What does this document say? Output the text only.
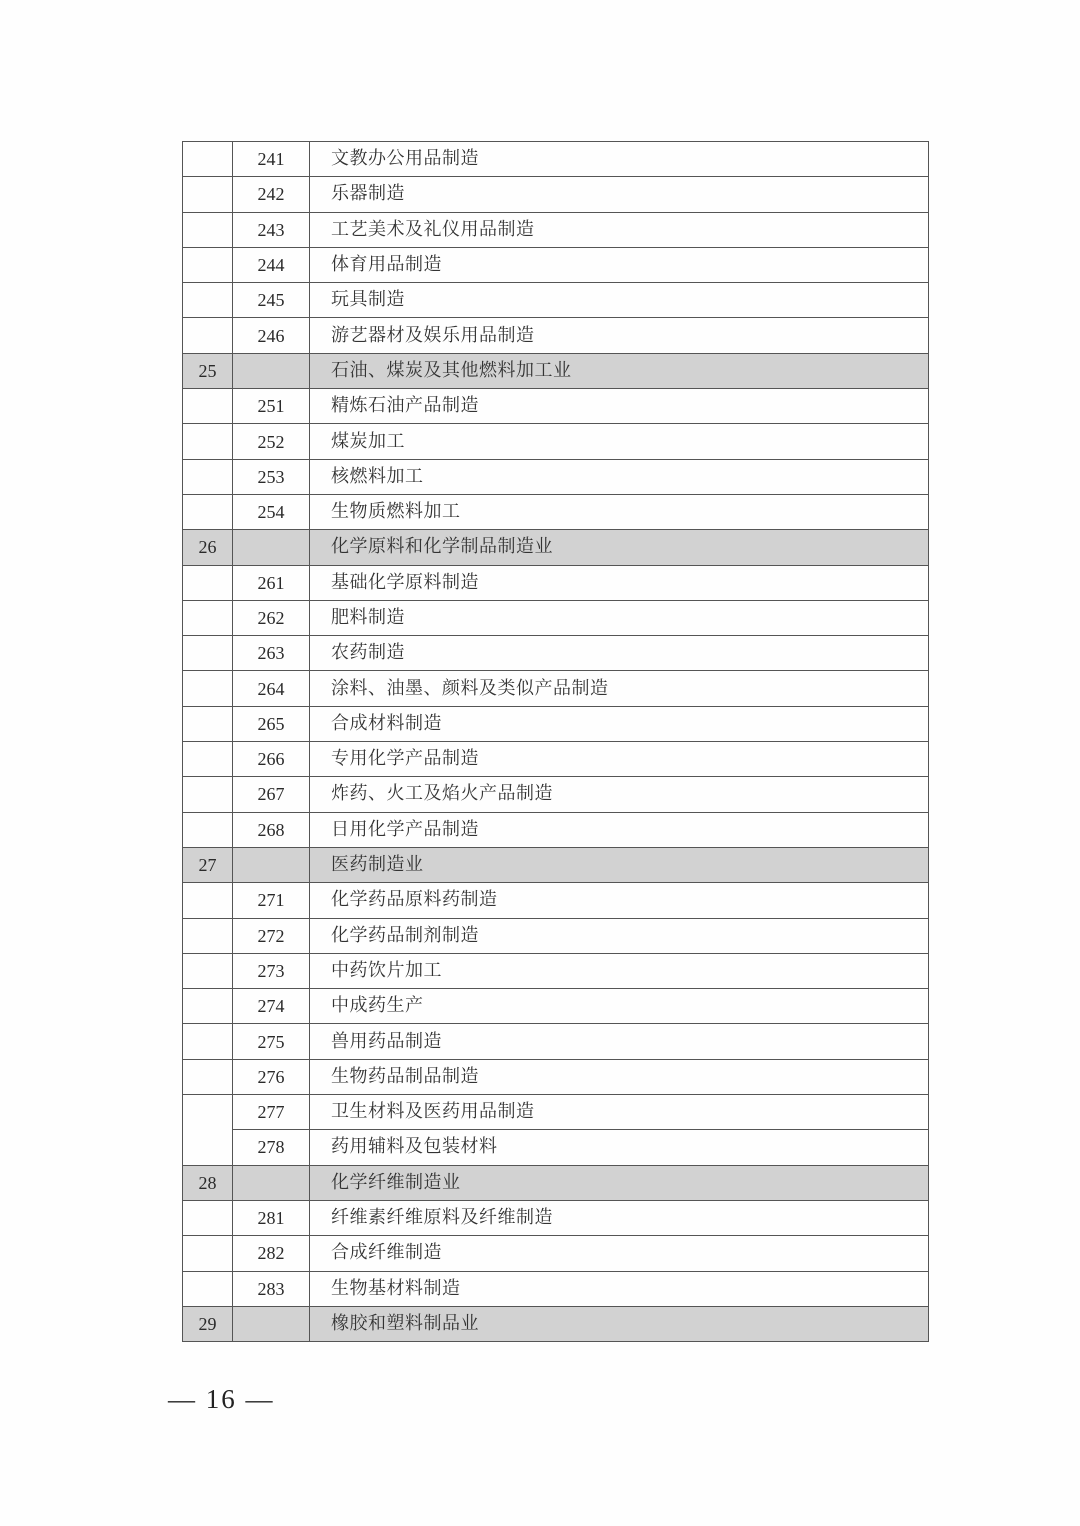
	241	文教办公用品制造
	242	乐器制造
	243	工艺美术及礼仪用品制造
	244	体育用品制造
	245	玩具制造
	246	游艺器材及娱乐用品制造
25		石油、煤炭及其他燃料加工业
	251	精炼石油产品制造
	252	煤炭加工
	253	核燃料加工
	254	生物质燃料加工
26		化学原料和化学制品制造业
	261	基础化学原料制造
	262	肥料制造
	263	农药制造
	264	涂料、油墨、颜料及类似产品制造
	265	合成材料制造
	266	专用化学产品制造
	267	炸药、火工及焰火产品制造
	268	日用化学产品制造
27		医药制造业
	271	化学药品原料药制造
	272	化学药品制剂制造
	273	中药饮片加工
	274	中成药生产
	275	兽用药品制造
	276	生物药品制品制造
	277	卫生材料及医药用品制造
	278	药用辅料及包装材料
28		化学纤维制造业
	281	纤维素纤维原料及纤维制造
	282	合成纤维制造
	283	生物基材料制造
29		橡胶和塑料制品业
— 16 —
